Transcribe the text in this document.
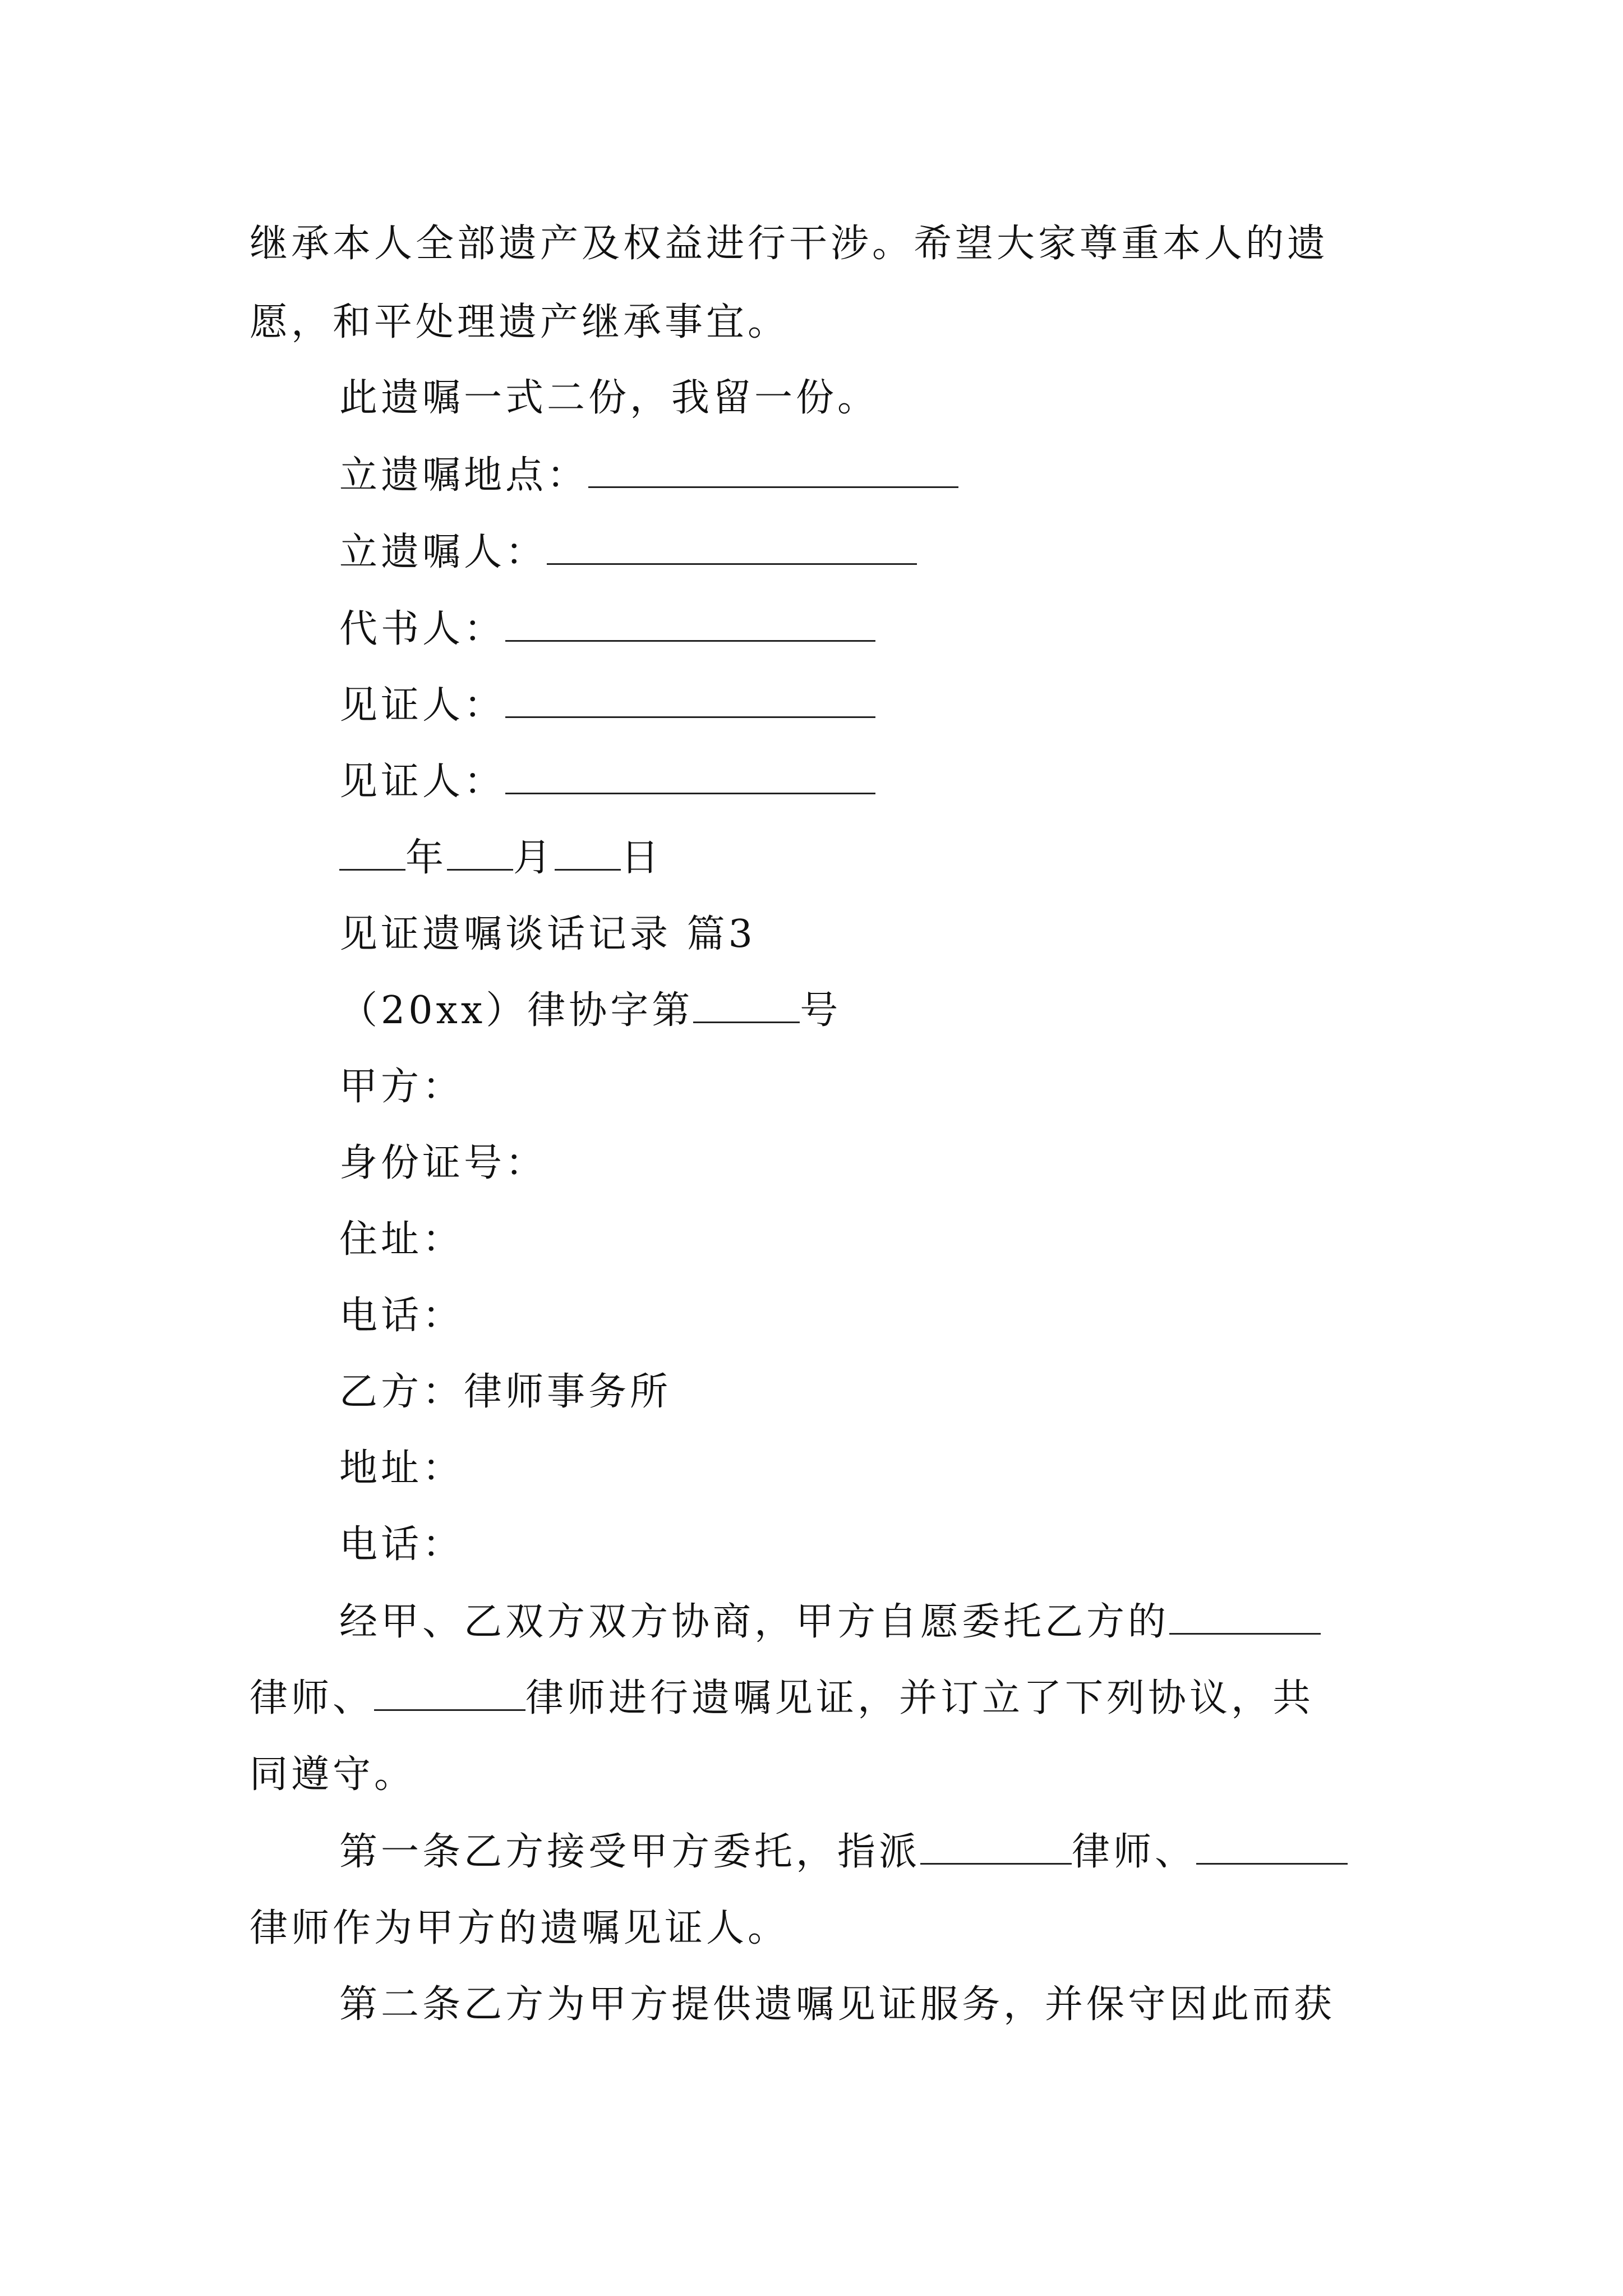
继承本人全部遗产及权益进行干涉。希望大家尊重本人的遗
愿，和平处理遗产继承事宜。
此遗嘱一式二份，我留一份。
立遗嘱地点：
立遗嘱人：
代书人：
见证人：
见证人：
年 月 日
见证遗嘱谈话记录 篇3
（20xx）律协字第	号
甲方：
身份证号：
住址：
电话：
乙方：律师事务所
地址：
电话：
经甲、乙双方双方协商，甲方自愿委托乙方的
律师、	律师进行遗嘱见证，并订立了下列协议，共
同遵守。
第一条乙方接受甲方委托，指派	律师、
律师作为甲方的遗嘱见证人。
第二条乙方为甲方提供遗嘱见证服务，并保守因此而获
